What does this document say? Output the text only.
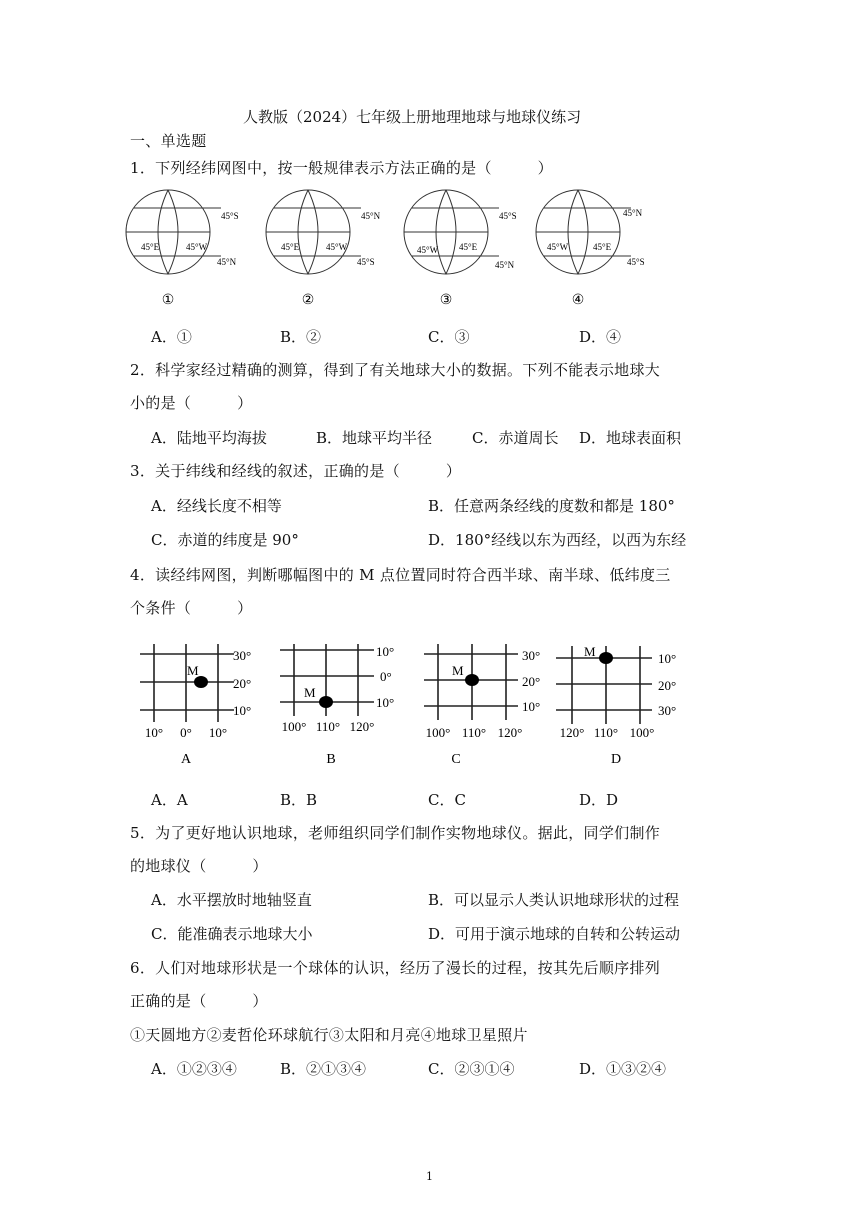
人教版（2024）七年级上册地理地球与地球仪练习
一、单选题
1．下列经纬网图中，按一般规律表示方法正确的是（　　　）
45°S
45°E	45°W
45°N
①
45°N
45°E	45°W
45°S
②
45°S
45°W 45°E
45°N
③
45°N
45°W	45°E
45°S
④
A．①	B．②	C．③	D．④
2．科学家经过精确的测算，得到了有关地球大小的数据。下列不能表示地球大
小的是（　　　）
A．陆地平均海拔	B．地球平均半径	C．赤道周长 D．地球表面积
3．关于纬线和经线的叙述，正确的是（　　　）
A．经线长度不相等	B．任意两条经线的度数和都是 180°
C．赤道的纬度是 90°	D．180°经线以东为西经，以西为东经
4．读经纬网图，判断哪幅图中的 M 点位置同时符合西半球、南半球、低纬度三
个条件（　　　）
M
30°
20°
10°
10° 0° 10°
A
M
10°
0°
10°
100° 110° 120°
B
M
30°
20°
10°
100° 110° 120°
C
M	10°
20°
30°
120° 110° 100°
D
A．A	B．B	C．C	D．D
5．为了更好地认识地球，老师组织同学们制作实物地球仪。据此，同学们制作
的地球仪（　　　）
A．水平摆放时地轴竖直	B．可以显示人类认识地球形状的过程
C．能准确表示地球大小	D．可用于演示地球的自转和公转运动
6．人们对地球形状是一个球体的认识，经历了漫长的过程，按其先后顺序排列
正确的是（　　　）
①天圆地方②麦哲伦环球航行③太阳和月亮④地球卫星照片
A．①②③④	B．②①③④	C．②③①④	D．①③②④
1
